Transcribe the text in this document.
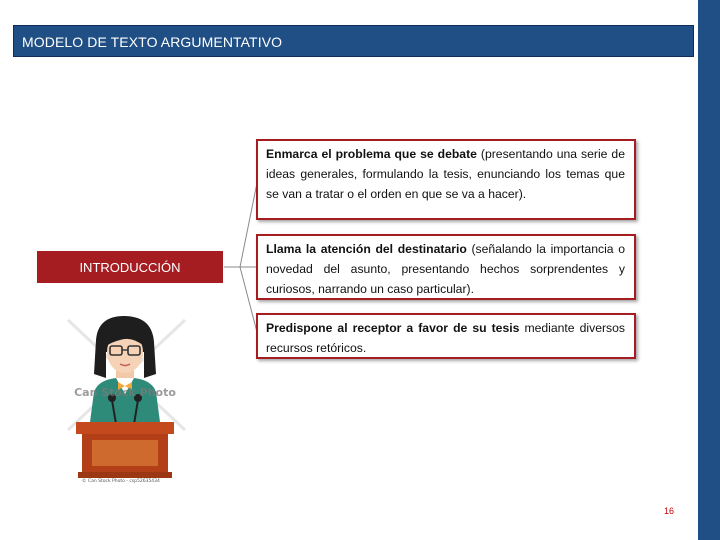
MODELO DE TEXTO ARGUMENTATIVO
INTRODUCCIÓN
Enmarca el problema que se debate (presentando una serie de ideas generales, formulando la tesis, enunciando los temas que se van a tratar o el orden en que se va a hacer).
Llama la atención del destinatario (señalando la importancia o novedad del asunto, presentando hechos sorprendentes y curiosos, narrando un caso particular).
Predispone al receptor a favor de su tesis mediante diversos recursos retóricos.
Can Stock Photo
© Can Stock Photo - csp52635434
16
